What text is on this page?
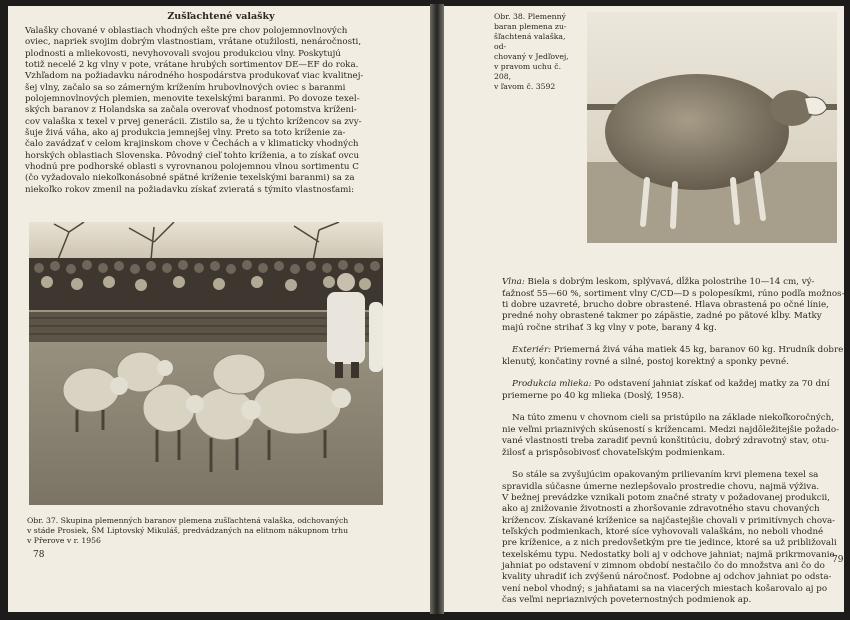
Zušľachtené valašky

Valašky chované v oblastiach vhodných ešte pre chov polojemnovlnových
oviec, napriek svojim dobrým vlastnostiam, vrátane otužilosti, nenáročnosti,
plodnosti a mliekovosti, nevyhovovali svojou produkciou vlny. Poskytujú
totiž necelé 2 kg vlny v pote, vrátane hrubých sortimentov DE—EF do roka.
Vzhľadom na požiadavku národného hospodárstva produkovať viac kvalitnej-
šej vlny, začalo sa so zámerným krížením hrubovlnových oviec s baranmi
polojemnovlnových plemien, menovite texelskými baranmi. Po dovoze texel-
ských baranov z Holandska sa začala overovať vhodnosť potomstva kríženi-
cov valaška x texel v prvej generácii. Zistilo sa, že u týchto krížencov sa zvy-
šuje živá váha, ako aj produkcia jemnejšej vlny. Preto sa toto kríženie za-
čalo zavádzať v celom krajinskom chove v Čechách a v klimaticky vhodných
horských oblastiach Slovenska. Pôvodný cieľ tohto kríženia, a to získať ovcu
vhodnú pre podhorské oblasti s vyrovnanou polojemnou vlnou sortimentu C
(čo vyžadovalo niekoľkonásobné spätné kríženie texelskými baranmi) sa za
niekoľko rokov zmenil na požiadavku získať zvieratá s týmito vlastnosťami:

Obr. 37. Skupina plemenných baranov plemena zušľachtená valaška, odchovaných
v stáde Prosiek, ŠM Liptovský Mikuláš, predvádzaných na elitnom nákupnom trhu
v Přerove v r. 1956

78

Obr. 38. Plemenný
baran plemena zu-
šľachtená valaška, od-
chovaný v Jedľovej,
v pravom uchu č. 208,
v ľavom č. 3592

Vlna: Biela s dobrým leskom, splývavá, dĺžka polostrihe 10—14 cm, vý-
ťažnosť 55—60 %, sortiment vlny C/CD—D s polopesíkmi, rúno podľa možnos-
ti dobre uzavreté, brucho dobre obrastené. Hlava obrastená po očné línie,
predné nohy obrastené takmer po zápästie, zadné po pätové kĺby. Matky
majú ročne strihať 3 kg vlny v pote, barany 4 kg.

Exteriér: Priemerná živá váha matiek 45 kg, baranov 60 kg. Hrudník dobre
klenutý, končatiny rovné a silné, postoj korektný a sponky pevné.

Produkcia mlieka: Po odstavení jahniat získať od každej matky za 70 dní
priemerne po 40 kg mlieka (Doslý, 1958).

Na túto zmenu v chovnom cieli sa pristúpilo na základe niekoľkoročných,
nie veľmi priaznivých skúseností s krížencami. Medzi najdôležitejšie požado-
vané vlastnosti treba zaradiť pevnú konštitúciu, dobrý zdravotný stav, otu-
žilosť a prispôsobivosť chovateľským podmienkam.

So stále sa zvyšujúcim opakovaným prilievaním krvi plemena texel sa
spravidla súčasne úmerne nezlepšovalo prostredie chovu, najmä výživa.
V bežnej prevádzke vznikali potom značné straty v požadovanej produkcii,
ako aj znižovanie životnosti a zhoršovanie zdravotného stavu chovaných
krížencov. Získavané kríženice sa najčastejšie chovali v primitívnych chova-
teľských podmienkach, ktoré síce vyhovovali valaškám, no neboli vhodné
pre kríženice, a z nich predovšetkým pre tie jedince, ktoré sa už približovali
texelskému typu. Nedostatky boli aj v odchove jahniat; najmä prikrmovanie
jahniat po odstavení v zimnom období nestačilo čo do množstva ani čo do
kvality uhradiť ich zvýšenú náročnosť. Podobne aj odchov jahniat po odsta-
vení nebol vhodný; s jahňatami sa na viacerých miestach košarovalo aj po
čas veľmi nepriaznivých poveternostných podmienok ap.

79
